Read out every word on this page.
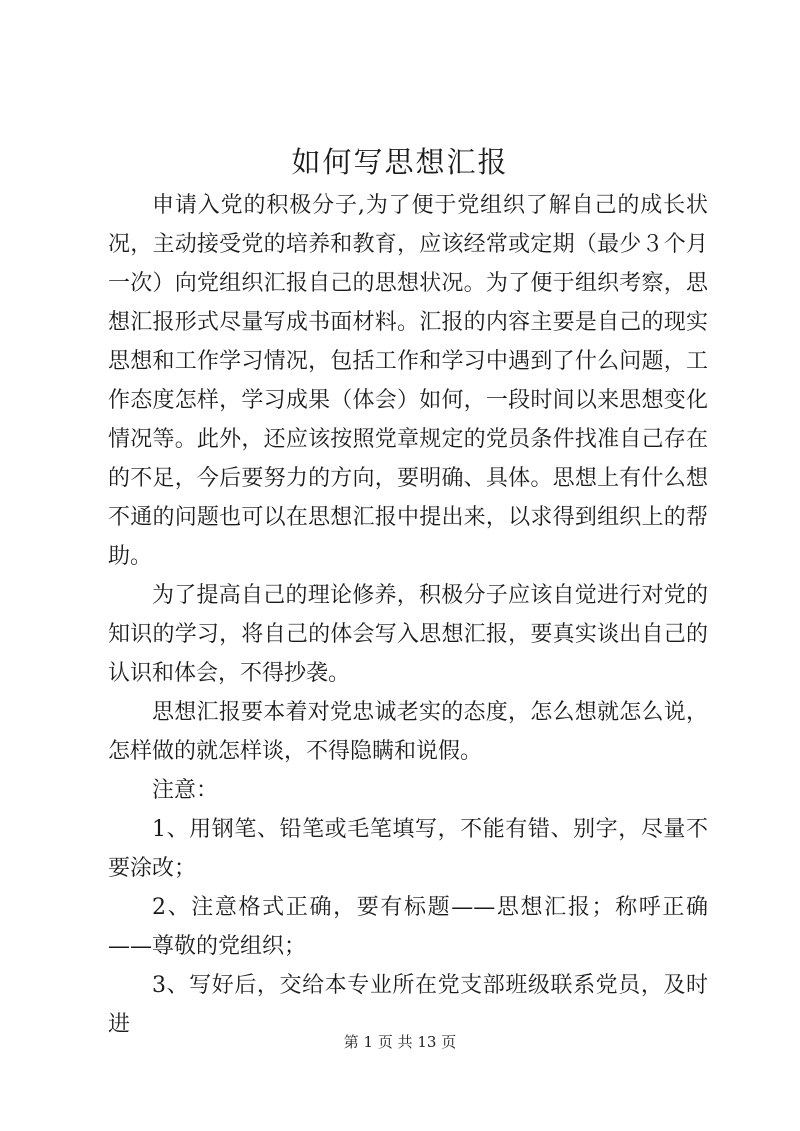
如何写思想汇报

申请入党的积极分子,为了便于党组织了解自己的成长状况，主动接受党的培养和教育，应该经常或定期（最少３个月一次）向党组织汇报自己的思想状况。为了便于组织考察，思想汇报形式尽量写成书面材料。汇报的内容主要是自己的现实思想和工作学习情况，包括工作和学习中遇到了什么问题，工作态度怎样，学习成果（体会）如何，一段时间以来思想变化情况等。此外，还应该按照党章规定的党员条件找准自己存在的不足，今后要努力的方向，要明确、具体。思想上有什么想不通的问题也可以在思想汇报中提出来，以求得到组织上的帮助。

为了提高自己的理论修养，积极分子应该自觉进行对党的知识的学习，将自己的体会写入思想汇报，要真实谈出自己的认识和体会，不得抄袭。

思想汇报要本着对党忠诚老实的态度，怎么想就怎么说，怎样做的就怎样谈，不得隐瞒和说假。

注意：

1、用钢笔、铅笔或毛笔填写，不能有错、别字，尽量不要涂改；

2、注意格式正确，要有标题——思想汇报；称呼正确——尊敬的党组织；

3、写好后，交给本专业所在党支部班级联系党员，及时进

第 1 页 共 13 页
